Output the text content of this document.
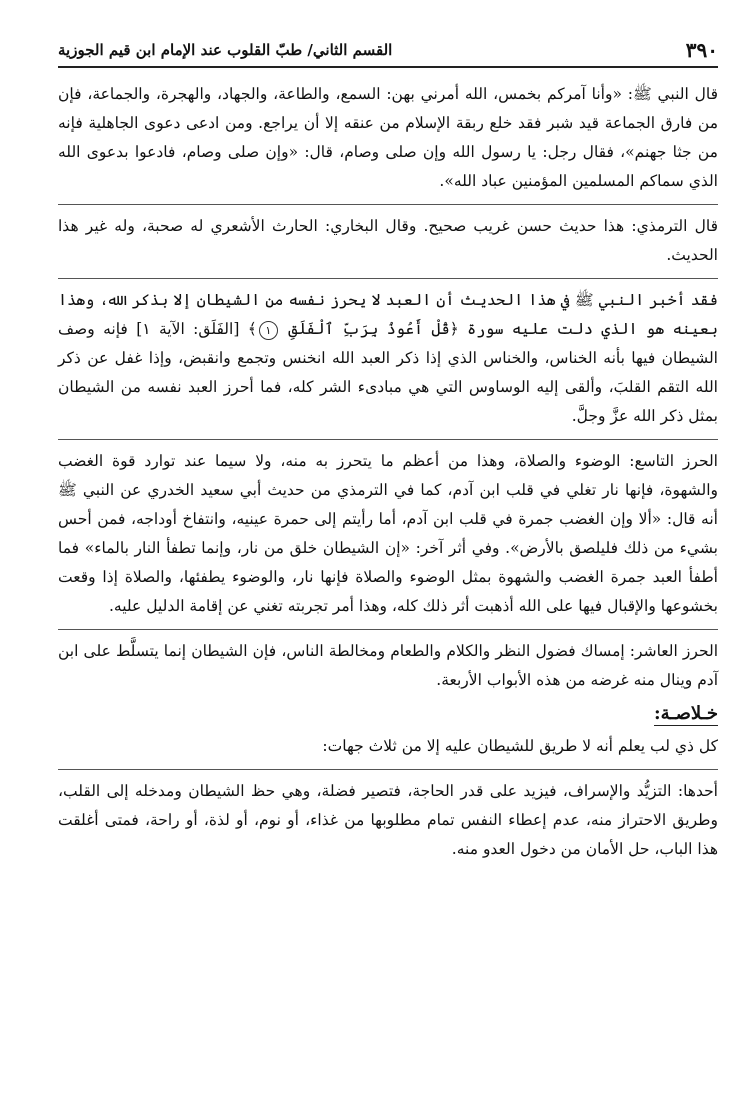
٣٩٠
القسم الثاني/ طبّ القلوب عند الإمام ابن قيم الجوزية

قال النبي ﷺ: «وأنا آمركم بخمس، الله أمرني بهن: السمع، والطاعة، والجهاد، والهجرة، والجماعة، فإن من فارق الجماعة قيد شبر فقد خلع ربقة الإسلام من عنقه إلا أن يراجع. ومن ادعى دعوى الجاهلية فإنه من جثا جهنم»، فقال رجل: يا رسول الله وإن صلى وصام، قال: «وإن صلى وصام، فادعوا بدعوى الله الذي سماكم المسلمين المؤمنين عباد الله».

قال الترمذي: هذا حديث حسن غريب صحيح. وقال البخاري: الحارث الأشعري له صحبة، وله غير هذا الحديث.

فقد أخبر النبي ﷺ في هذا الحديث أن العبد لا يحرز نفسه من الشيطان إلا بذكر الله، وهذا بعينه هو الذي دلت عليه سورة ﴿قُلْ أَعُوذُ بِرَبِّ ٱلْفَلَقِ ١﴾ [الفَلَق: الآية ١] فإنه وصف الشيطان فيها بأنه الخناس، والخناس الذي إذا ذكر العبد الله انخنس وتجمع وانقبض، وإذا غفل عن ذكر الله التقم القلبَ، وألقى إليه الوساوس التي هي مبادىء الشر كله، فما أحرز العبد نفسه من الشيطان بمثل ذكر الله عزَّ وجلَّ.

الحرز التاسع: الوضوء والصلاة، وهذا من أعظم ما يتحرز به منه، ولا سيما عند توارد قوة الغضب والشهوة، فإنها نار تغلي في قلب ابن آدم، كما في الترمذي من حديث أبي سعيد الخدري عن النبي ﷺ أنه قال: «ألا وإن الغضب جمرة في قلب ابن آدم، أما رأيتم إلى حمرة عينيه، وانتفاخ أوداجه، فمن أحس بشيء من ذلك فليلصق بالأرض». وفي أثر آخر: «إن الشيطان خلق من نار، وإنما تطفأ النار بالماء» فما أطفأ العبد جمرة الغضب والشهوة بمثل الوضوء والصلاة فإنها نار، والوضوء يطفئها، والصلاة إذا وقعت بخشوعها والإقبال فيها على الله أذهبت أثر ذلك كله، وهذا أمر تجربته تغني عن إقامة الدليل عليه.

الحرز العاشر: إمساك فضول النظر والكلام والطعام ومخالطة الناس، فإن الشيطان إنما يتسلَّط على ابن آدم وينال منه غرضه من هذه الأبواب الأربعة.

خـلاصـة:

كل ذي لب يعلم أنه لا طريق للشيطان عليه إلا من ثلاث جهات:

أحدها: التزيُّد والإسراف، فيزيد على قدر الحاجة، فتصير فضلة، وهي حظ الشيطان ومدخله إلى القلب، وطريق الاحتراز منه، عدم إعطاء النفس تمام مطلوبها من غذاء، أو نوم، أو لذة، أو راحة، فمتى أغلقت هذا الباب، حل الأمان من دخول العدو منه.
